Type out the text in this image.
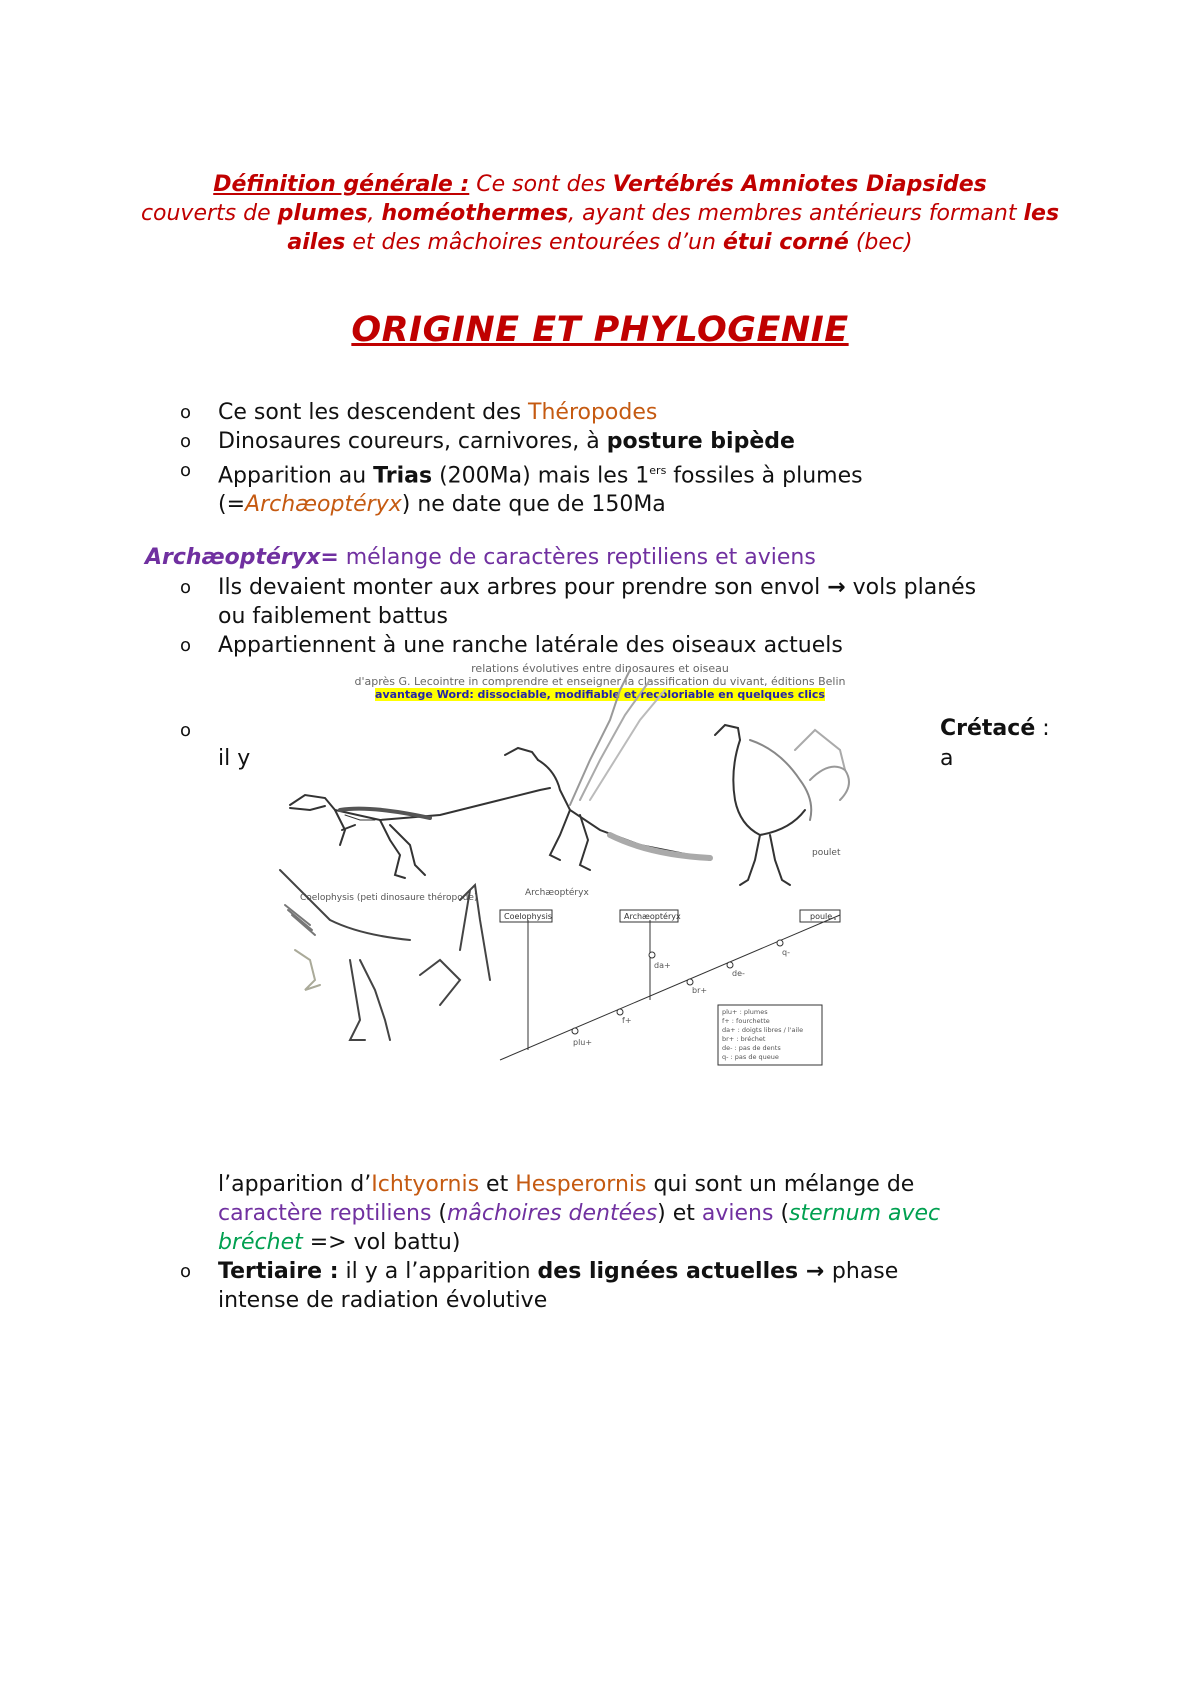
Définition générale : Ce sont des Vertébrés Amniotes Diapsides
couverts de plumes, homéothermes, ayant des membres antérieurs formant les ailes et des mâchoires entourées d’un étui corné (bec)
ORIGINE ET PHYLOGENIE
o Ce sont les descendent des Théropodes
o Dinosaures coureurs, carnivores, à posture bipède
o Apparition au Trias (200Ma) mais les 1ers fossiles à plumes
(=Archæoptéryx) ne date que de 150Ma
Archæoptéryx= mélange de caractères reptiliens et aviens
o Ils devaient monter aux arbres pour prendre son envol → vols planés
ou faiblement battus
o Appartiennent à une ranche latérale des oiseaux actuels
relations évolutives entre dinosaures et oiseau
d'après G. Lecointre in comprendre et enseigner la classification du vivant, éditions Belin
avantage Word: dissociable, modifiable et recoloriable en quelques clics
o	Crétacé :
il y	a
Coelophysis (peti dinosaure théropode)	Archæoptéryx
poulet
Coelophysis	Archæoptéryx	poule
plu+
f+
da+
br+
de-
q-
plu+ : plumes
f+ : fourchette
da+ : doigts libres / l'aile
br+ : bréchet
de- : pas de dents
q- : pas de queue
l’apparition d’Ichtyornis et Hesperornis qui sont un mélange de
caractère reptiliens (mâchoires dentées) et aviens (sternum avec
bréchet => vol battu)
o Tertiaire : il y a l’apparition des lignées actuelles → phase
intense de radiation évolutive
